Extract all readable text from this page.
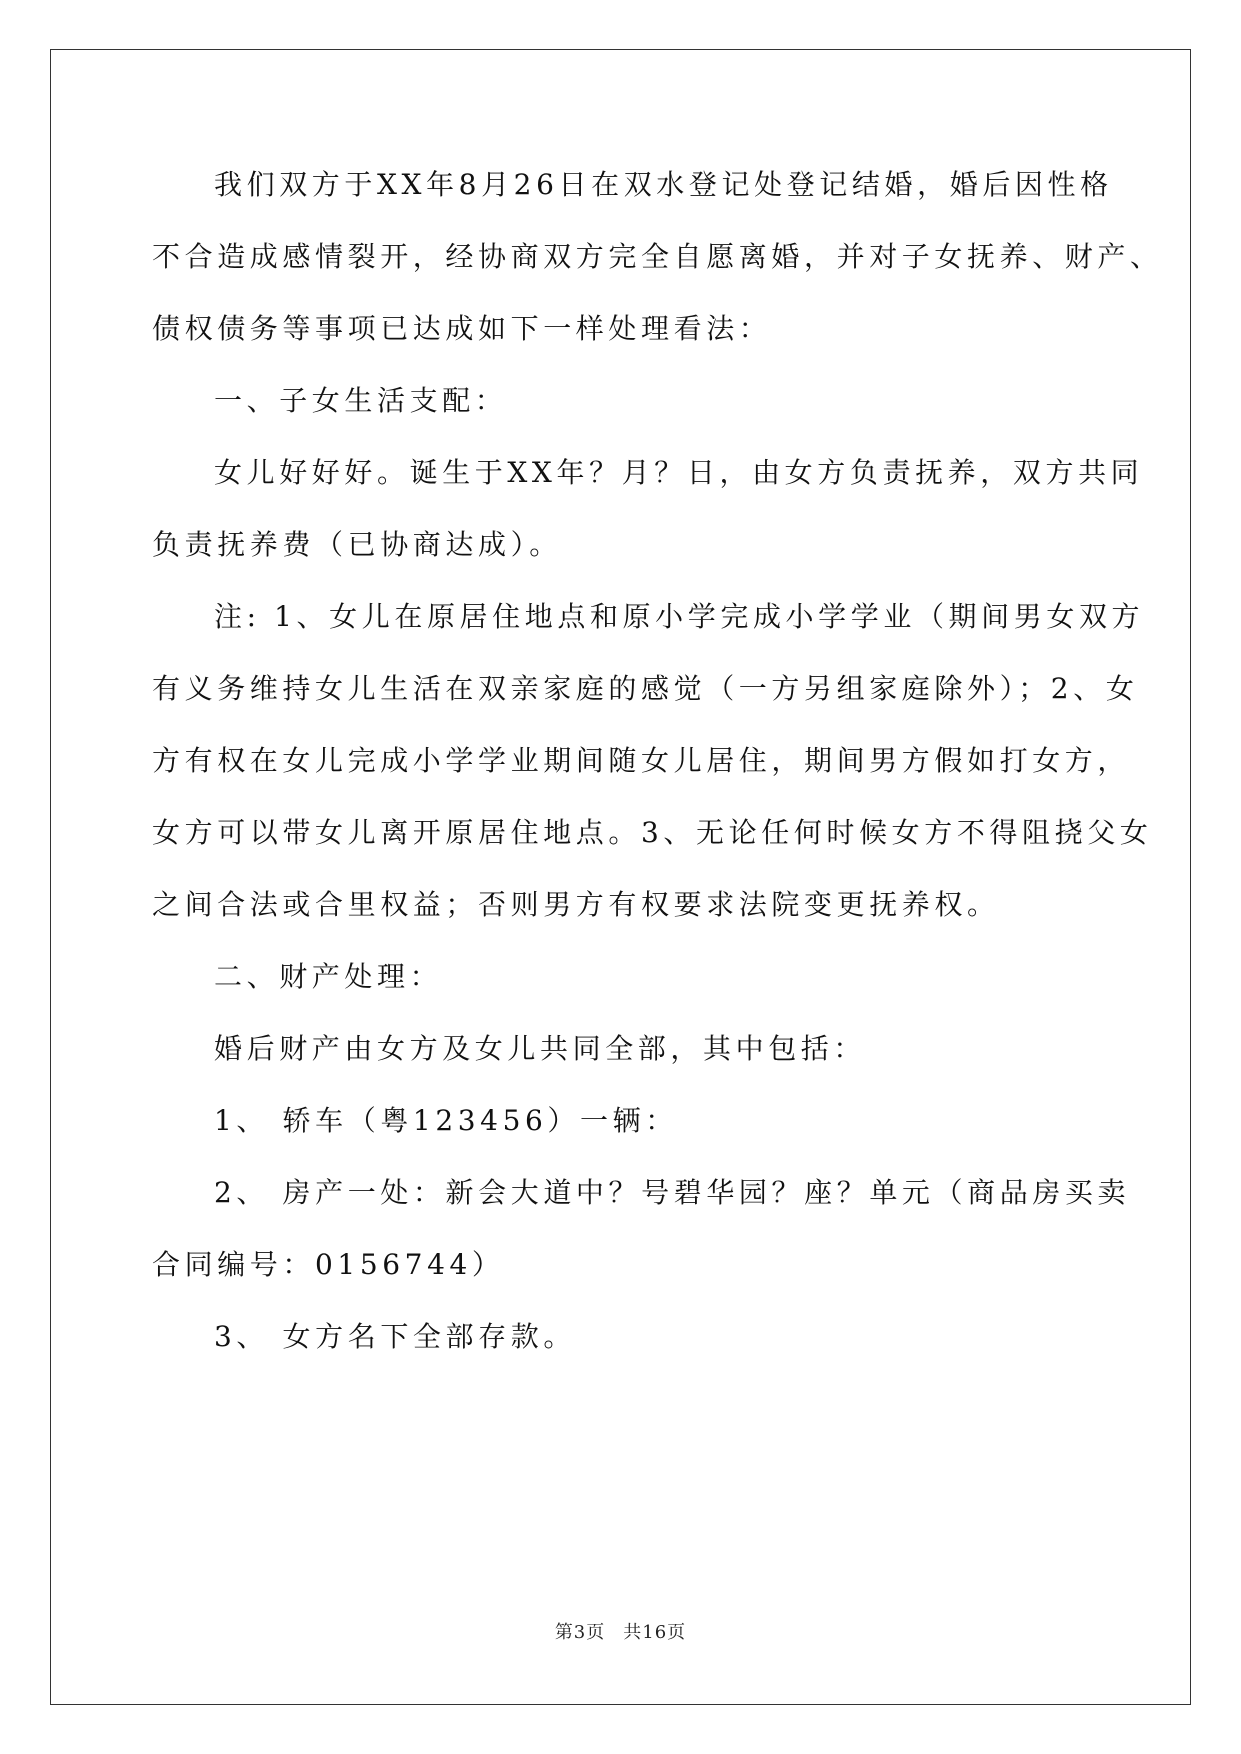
我们双方于XX年8月26日在双水登记处登记结婚，婚后因性格
不合造成感情裂开，经协商双方完全自愿离婚，并对子女抚养、财产、
债权债务等事项已达成如下一样处理看法：
一、子女生活支配：
女儿好好好。诞生于XX年？月？日，由女方负责抚养，双方共同
负责抚养费（已协商达成）。
注: 1、女儿在原居住地点和原小学完成小学学业（期间男女双方
有义务维持女儿生活在双亲家庭的感觉（一方另组家庭除外）；2、女
方有权在女儿完成小学学业期间随女儿居住，期间男方假如打女方，
女方可以带女儿离开原居住地点。3、无论任何时候女方不得阻挠父女
之间合法或合里权益；否则男方有权要求法院变更抚养权。
二、财产处理：
婚后财产由女方及女儿共同全部，其中包括：
1、 轿车（粤123456）一辆：
2、 房产一处：新会大道中？号碧华园？座？单元（商品房买卖
合同编号：0156744）
3、 女方名下全部存款。
第3页 共16页
